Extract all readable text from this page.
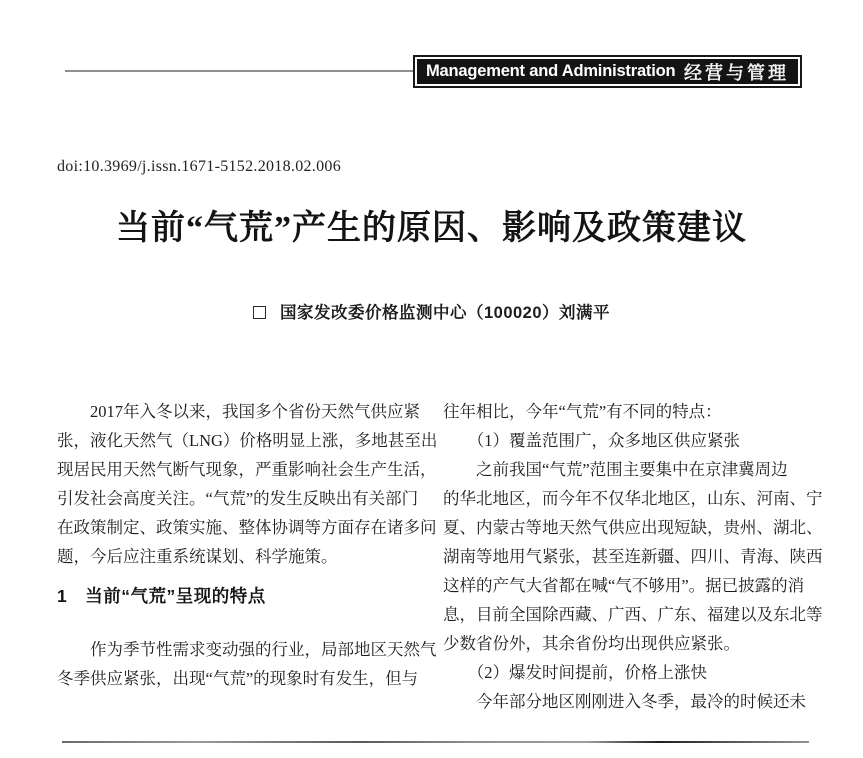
Management and Administration 经营与管理
doi:10.3969/j.issn.1671-5152.2018.02.006
当前“气荒”产生的原因、影响及政策建议
国家发改委价格监测中心（100020）刘满平
　　2017年入冬以来，我国多个省份天然气供应紧
张，液化天然气（LNG）价格明显上涨，多地甚至出
现居民用天然气断气现象，严重影响社会生产生活，
引发社会高度关注。“气荒”的发生反映出有关部门
在政策制定、政策实施、整体协调等方面存在诸多问
题，今后应注重系统谋划、科学施策。
1　当前“气荒”呈现的特点
　　作为季节性需求变动强的行业，局部地区天然气
冬季供应紧张，出现“气荒”的现象时有发生，但与
往年相比，今年“气荒”有不同的特点：
　　（1）覆盖范围广，众多地区供应紧张
　　之前我国“气荒”范围主要集中在京津冀周边
的华北地区，而今年不仅华北地区，山东、河南、宁
夏、内蒙古等地天然气供应出现短缺，贵州、湖北、
湖南等地用气紧张，甚至连新疆、四川、青海、陕西
这样的产气大省都在喊“气不够用”。据已披露的消
息，目前全国除西藏、广西、广东、福建以及东北等
少数省份外，其余省份均出现供应紧张。
　　（2）爆发时间提前，价格上涨快
　　今年部分地区刚刚进入冬季，最冷的时候还未
